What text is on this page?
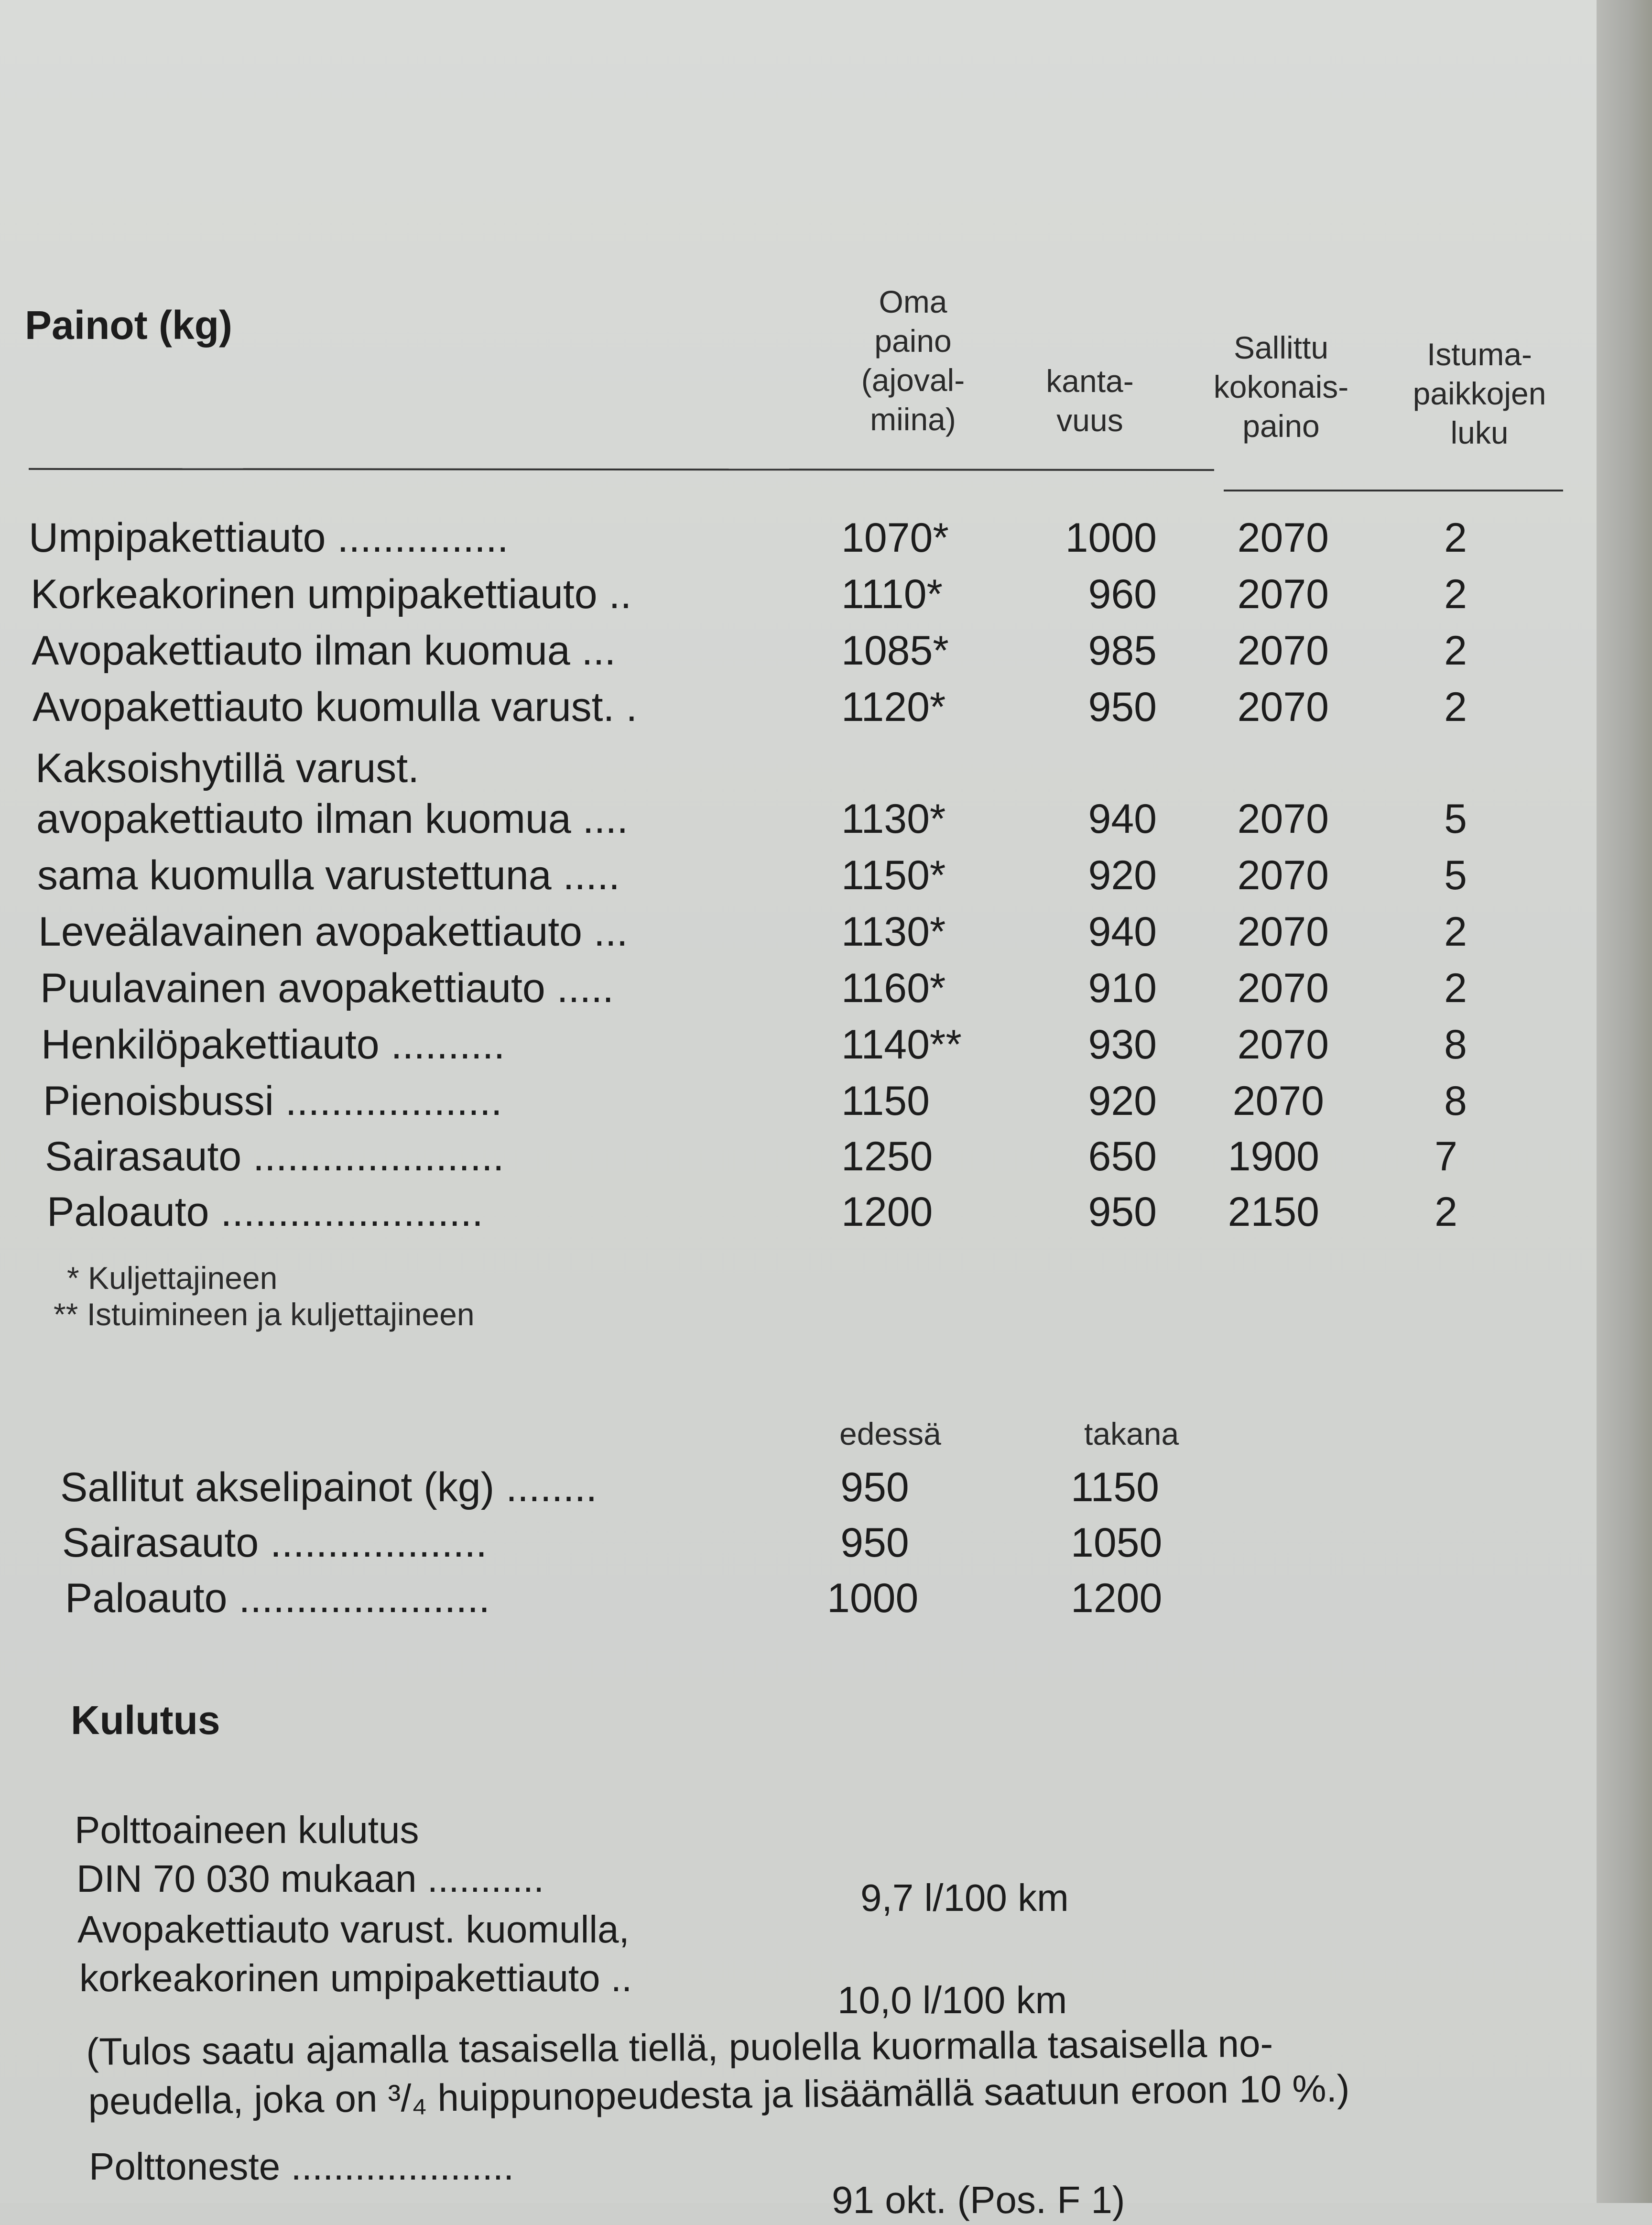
Painot (kg)
Oma
paino
(ajoval-
miina)
kanta-
vuus
Sallittu
kokonais-
paino
Istuma-
paikkojen
luku
Umpipakettiauto ...............	1070*	1000	2070	2
Korkeakorinen umpipakettiauto ..	1110*	960	2070	2
Avopakettiauto ilman kuomua ...	1085*	985	2070	2
Avopakettiauto kuomulla varust. .	1120*	950	2070	2
Kaksoishytillä varust.
avopakettiauto ilman kuomua ....	1130*	940	2070	5
sama kuomulla varustettuna .....	1150*	920	2070	5
Leveälavainen avopakettiauto ...	1130*	940	2070	2
Puulavainen avopakettiauto .....	1160*	910	2070	2
Henkilöpakettiauto ..........	1140**	930	2070	8
Pienoisbussi ...................	1150	920	2070	8
Sairasauto ......................	1250	650	1900	7
Paloauto .......................	1200	950	2150	2
* Kuljettajineen
** Istuimineen ja kuljettajineen
edessä	takana
Sallitut akselipainot (kg) ........	950	1150
Sairasauto ...................	950	1050
Paloauto ......................	1000	1200
Kulutus
Polttoaineen kulutus
DIN 70 030 mukaan ...........	9,7 l/100 km
Avopakettiauto varust. kuomulla,
korkeakorinen umpipakettiauto ..
10,0 l/100 km
(Tulos saatu ajamalla tasaisella tiellä, puolella kuormalla tasaisella no-
peudella, joka on ³/₄ huippunopeudesta ja lisäämällä saatuun eroon 10 %.)
Polttoneste .....................
91 okt. (Pos. F 1)
